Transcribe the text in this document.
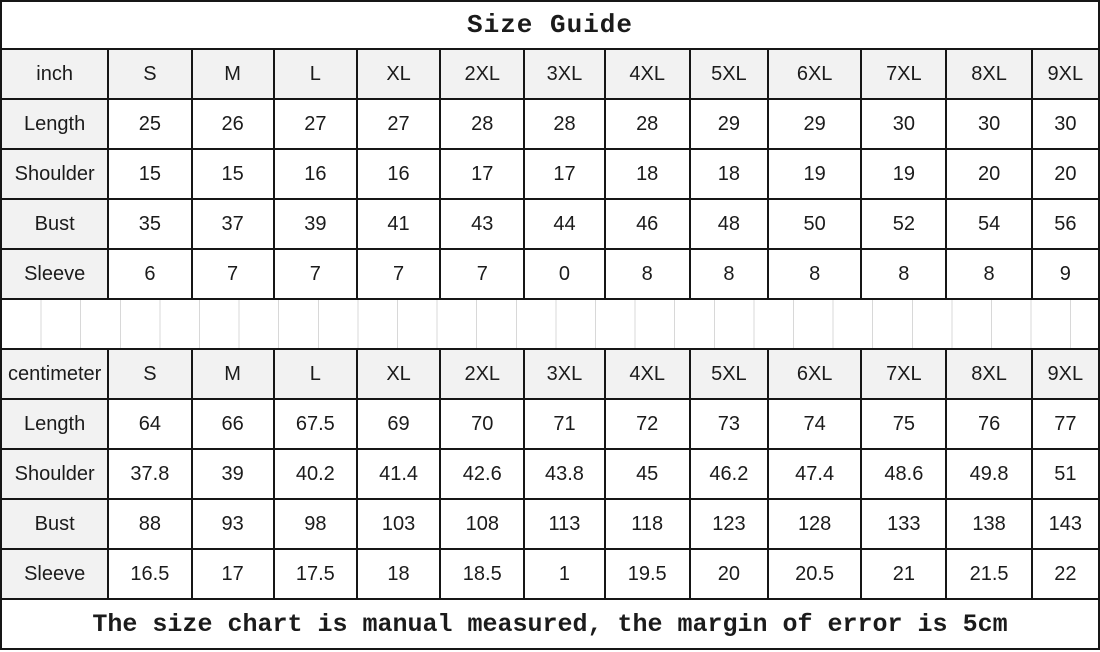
Size Guide												
inch	S	M	L	XL	2XL	3XL	4XL	5XL	6XL	7XL	8XL	9XL
Length	25	26	27	27	28	28	28	29	29	30	30	30
Shoulder	15	15	16	16	17	17	18	18	19	19	20	20
Bust	35	37	39	41	43	44	46	48	50	52	54	56
Sleeve	6	7	7	7	7	0	8	8	8	8	8	9

centimeter	S	M	L	XL	2XL	3XL	4XL	5XL	6XL	7XL	8XL	9XL
Length	64	66	67.5	69	70	71	72	73	74	75	76	77
Shoulder	37.8	39	40.2	41.4	42.6	43.8	45	46.2	47.4	48.6	49.8	51
Bust	88	93	98	103	108	113	118	123	128	133	138	143
Sleeve	16.5	17	17.5	18	18.5	1	19.5	20	20.5	21	21.5	22
The size chart is manual measured, the margin of error is 5cm												
